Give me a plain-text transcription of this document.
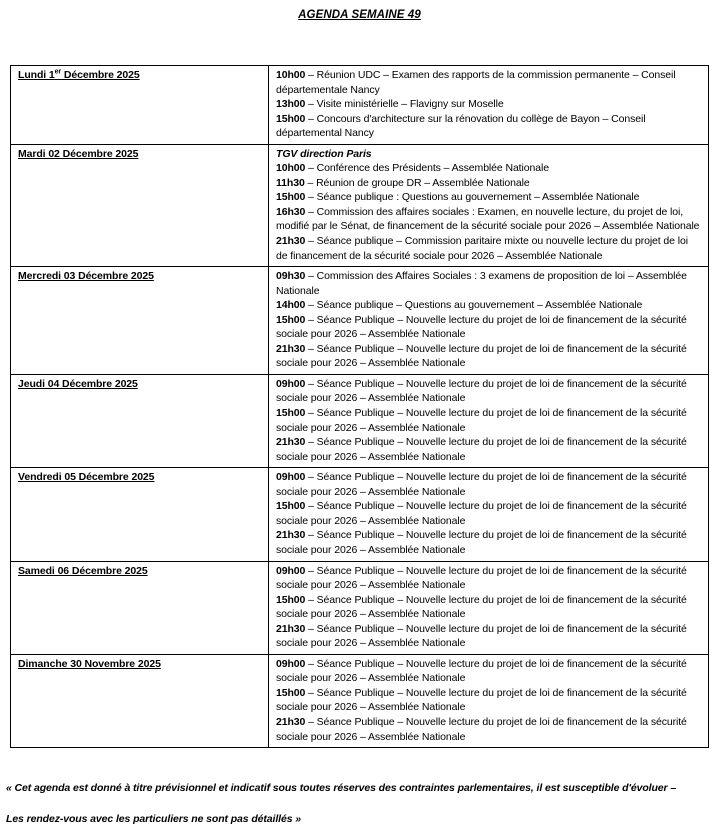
AGENDA SEMAINE 49
Lundi 1er Décembre 2025	10h00 – Réunion UDC – Examen des rapports de la commission permanente – Conseil départementale Nancy
13h00 – Visite ministérielle – Flavigny sur Moselle
15h00 – Concours d'architecture sur la rénovation du collège de Bayon – Conseil départemental Nancy

Mardi 02 Décembre 2025	TGV direction Paris
10h00 – Conférence des Présidents – Assemblée Nationale
11h30 – Réunion de groupe DR – Assemblée Nationale
15h00 – Séance publique : Questions au gouvernement – Assemblée Nationale
16h30 – Commission des affaires sociales : Examen, en nouvelle lecture, du projet de loi, modifié par le Sénat, de financement de la sécurité sociale pour 2026 – Assemblée Nationale
21h30 – Séance publique – Commission paritaire mixte ou nouvelle lecture du projet de loi de financement de la sécurité sociale pour 2026 – Assemblée Nationale

Mercredi 03 Décembre 2025	09h30 – Commission des Affaires Sociales : 3 examens de proposition de loi – Assemblée Nationale
14h00 – Séance publique – Questions au gouvernement – Assemblée Nationale
15h00 – Séance Publique – Nouvelle lecture du projet de loi de financement de la sécurité sociale pour 2026 – Assemblée Nationale
21h30 – Séance Publique – Nouvelle lecture du projet de loi de financement de la sécurité sociale pour 2026 – Assemblée Nationale

Jeudi 04 Décembre 2025	09h00 – Séance Publique – Nouvelle lecture du projet de loi de financement de la sécurité sociale pour 2026 – Assemblée Nationale
15h00 – Séance Publique – Nouvelle lecture du projet de loi de financement de la sécurité sociale pour 2026 – Assemblée Nationale
21h30 – Séance Publique – Nouvelle lecture du projet de loi de financement de la sécurité sociale pour 2026 – Assemblée Nationale

Vendredi 05 Décembre 2025	09h00 – Séance Publique – Nouvelle lecture du projet de loi de financement de la sécurité sociale pour 2026 – Assemblée Nationale
15h00 – Séance Publique – Nouvelle lecture du projet de loi de financement de la sécurité sociale pour 2026 – Assemblée Nationale
21h30 – Séance Publique – Nouvelle lecture du projet de loi de financement de la sécurité sociale pour 2026 – Assemblée Nationale

Samedi 06 Décembre 2025	09h00 – Séance Publique – Nouvelle lecture du projet de loi de financement de la sécurité sociale pour 2026 – Assemblée Nationale
15h00 – Séance Publique – Nouvelle lecture du projet de loi de financement de la sécurité sociale pour 2026 – Assemblée Nationale
21h30 – Séance Publique – Nouvelle lecture du projet de loi de financement de la sécurité sociale pour 2026 – Assemblée Nationale

Dimanche 30 Novembre 2025	09h00 – Séance Publique – Nouvelle lecture du projet de loi de financement de la sécurité sociale pour 2026 – Assemblée Nationale
15h00 – Séance Publique – Nouvelle lecture du projet de loi de financement de la sécurité sociale pour 2026 – Assemblée Nationale
21h30 – Séance Publique – Nouvelle lecture du projet de loi de financement de la sécurité sociale pour 2026 – Assemblée Nationale

« Cet agenda est donné à titre prévisionnel et indicatif sous toutes réserves des contraintes parlementaires, il est susceptible d'évoluer –

Les rendez-vous avec les particuliers ne sont pas détaillés »
